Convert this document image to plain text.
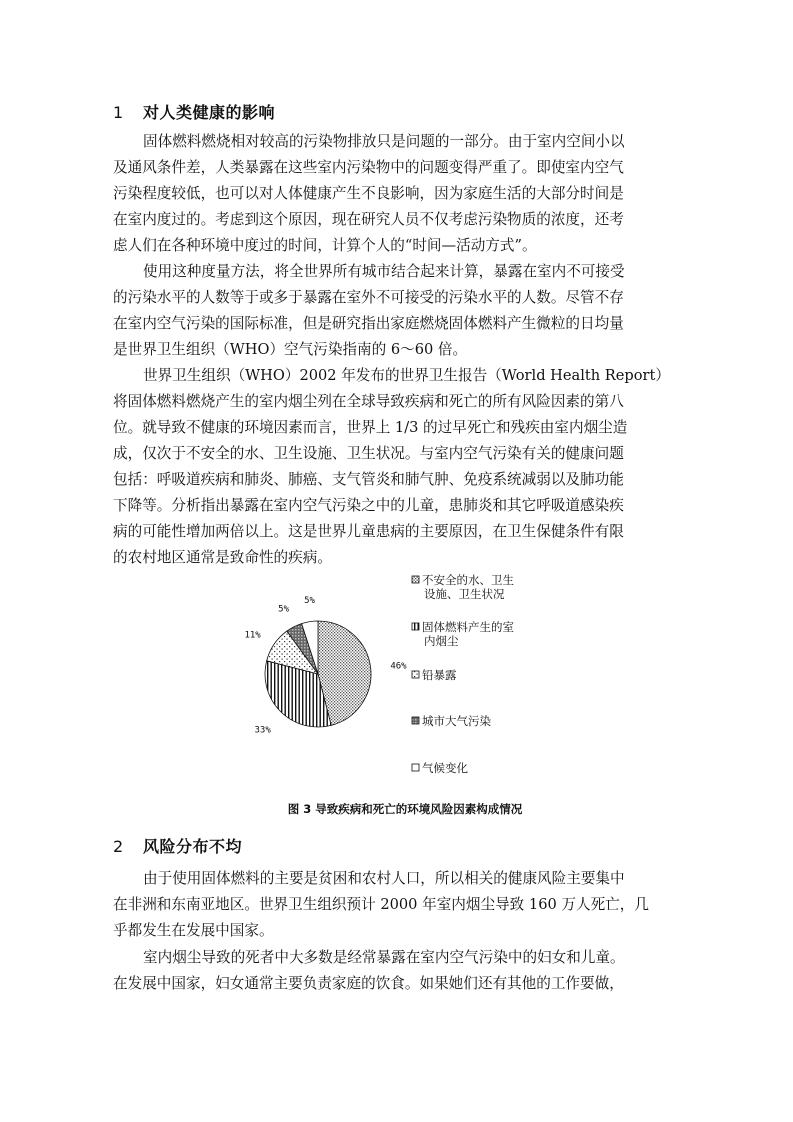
1 对人类健康的影响
固体燃料燃烧相对较高的污染物排放只是问题的一部分。由于室内空间小以
及通风条件差，人类暴露在这些室内污染物中的问题变得严重了。即使室内空气
污染程度较低，也可以对人体健康产生不良影响，因为家庭生活的大部分时间是
在室内度过的。考虑到这个原因，现在研究人员不仅考虑污染物质的浓度，还考
虑人们在各种环境中度过的时间，计算个人的“时间—活动方式”。
使用这种度量方法，将全世界所有城市结合起来计算，暴露在室内不可接受
的污染水平的人数等于或多于暴露在室外不可接受的污染水平的人数。尽管不存
在室内空气污染的国际标准，但是研究指出家庭燃烧固体燃料产生微粒的日均量
是世界卫生组织（WHO）空气污染指南的 6～60 倍。
世界卫生组织（WHO）2002 年发布的世界卫生报告（World Health Report）
将固体燃料燃烧产生的室内烟尘列在全球导致疾病和死亡的所有风险因素的第八
位。就导致不健康的环境因素而言，世界上 1/3 的过早死亡和残疾由室内烟尘造
成，仅次于不安全的水、卫生设施、卫生状况。与室内空气污染有关的健康问题
包括：呼吸道疾病和肺炎、肺癌、支气管炎和肺气肿、免疫系统减弱以及肺功能
下降等。分析指出暴露在室内空气污染之中的儿童，患肺炎和其它呼吸道感染疾
病的可能性增加两倍以上。这是世界儿童患病的主要原因，在卫生保健条件有限
的农村地区通常是致命性的疾病。
46%
33%
11%
5%
5%
不安全的水、卫生
设施、卫生状况
固体燃料产生的室
内烟尘
铅暴露
城市大气污染
气候变化
图 3 导致疾病和死亡的环境风险因素构成情况
2 风险分布不均
由于使用固体燃料的主要是贫困和农村人口，所以相关的健康风险主要集中
在非洲和东南亚地区。世界卫生组织预计 2000 年室内烟尘导致 160 万人死亡，几
乎都发生在发展中国家。
室内烟尘导致的死者中大多数是经常暴露在室内空气污染中的妇女和儿童。
在发展中国家，妇女通常主要负责家庭的饮食。如果她们还有其他的工作要做，
